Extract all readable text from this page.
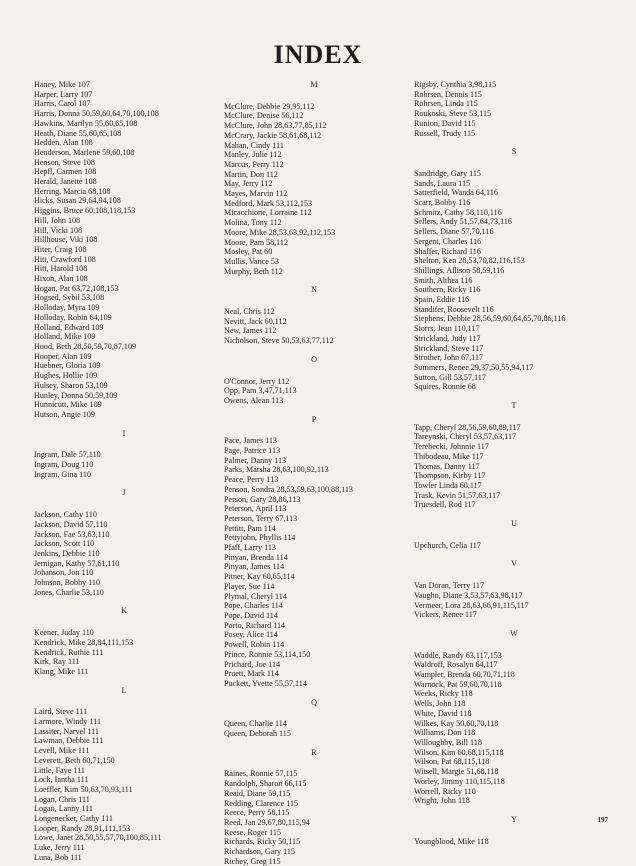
INDEX
Haney, Mike 107
Harper, Larry 107
Harris, Carol 107
Harris, Donna 50,59,60,64,70,100,108
Hawkins, Marilyn 55,60,65,108
Heath, Diane 55,60,65,108
Hedden, Alan 108
Henderson, Marlene 59,60,108
Henson, Steve 108
Hepfl, Carmen 108
Herald, Janette 108
Herring, Marcia 68,108
Hicks, Susan 29,64,94,108
Higgins, Bruce 60,108,118,153
Hill, John 108
Hill, Vicki 108
Hillhouse, Viki 108
Hiter, Craig 108
Hitt, Crawford 108
Hitt, Harold 108
Hixon, Alan 108
Hogan, Pat 63,72,108,153
Hogsed, Sybil 53,108
Holloday, Myra 109
Holloday, Robin 64,109
Holland, Edward 109
Holland, Mike 109
Hood, Beth 28,50,59,70,87,109
Hooper, Alan 109
Huebner, Gloria 109
Hughes, Hollie 109
Hulsey, Sharon 53,109
Hunley, Donna 50,59,109
Hunnicutt, Mike 109
Hutson, Angie 109
I
Ingram, Dale 57,110
Ingram, Doug 110
Ingram, Gina 110
J
Jackson, Cathy 110
Jackson, David 57,110
Jackson, Fae 53,63,110
Jackson, Scott 110
Jenkins, Debbie 110
Jernigan, Kathy 57,61,110
Johanson, Jon 110
Johnson, Bobby 110
Jones, Charlie 53,110
K
Keener, Juday 110
Kendrick, Mike 28,84,111,153
Kendrick, Ruthie 111
Kirk, Ray 111
Klang, Mike 111
L
Laird, Steve 111
Larmore, Windy 111
Lassiter, Narvel 111
Lawman, Debbie 111
Levell, Mike 111
Leverett, Beth 60,71,150
Little, Faye 111
Lock, Iantha 111
Loeffler, Kim 50,63,70,93,111
Logan, Chris 111
Logan, Lanny 111
Longenecker, Cathy 111
Looper, Randy 28,91,111,153
Lowe, Janet 28,50,55,57,70,100,85,111
Luke, Jerry 111
Luna, Bob 111
M
McClure, Debbie 29,95,112
McClure, Denise 56,112
McClure, John 28,63,77,85,112
McCrary, Jackie 58,61,68,112
Mahan, Cindy 111
Manley, Julie 112
Marcus, Perry 112
Martin, Don 112
May, Jerry 112
Mayes, Marvin 112
Medford, Mark 53,112,153
Micacchione, Lorraine 112
Molina, Tony 112
Moore, Mike 28,53,63,92,112,153
Moore, Pam 58,112
Mosley, Pat 60
Mullis, Vance 53
Murphy, Beth 112
N
Neal, Chris 112
Nevitt, Jack 60,112
New, James 112
Nicholson, Steve 50,53,63,77,112
O
O'Connor, Jerry 112
Opp, Pam 3,47,71,113
Owens, Alean 113
P
Pace, James 113
Page, Patrice 113
Palmer, Danny 113
Parks, Marsha 28,63,100,92,113
Peace, Perry 113
Penson, Sondra 28,53,59,63,100,88,113
Person, Gary 28,86,113
Peterson, April 113
Peterson, Terry 67,113
Pettitt, Pam 114
Pettyjohn, Phyllis 114
Pfaff, Larry 113
Pinyan, Brenda 114
Pinyan, James 114
Pitner, Kay 60,65,114
Player, Sue 114
Plymal, Cheryl 114
Pope, Charles 114
Pope, David 114
Porto, Richard 114
Posey, Alice 114
Powell, Robin 114
Prince, Ronnie 53,114,150
Prichard, Joe 114
Pruett, Mark 114
Puckett, Yvette 55,57,114
Q
Queen, Charlie 114
Queen, Deborah 115
R
Raines, Ronnie 57,115
Randolph, Sharon 66,115
Reaid, Diane 59,115
Redding, Clarence 115
Reece, Perry 58,115
Reed, Jan 29,67,80,115,94
Reese, Roger 115
Richards, Ricky 50,115
Richardson, Gary 115
Richey, Greg 115
Rigsby, Cynthia 3,98,115
Rohrsen, Dennis 115
Rohrsen, Linda 115
Roukoski, Steve 53,115
Runion, David 115
Russell, Trudy 115
S
Sandridge, Gary 115
Sands, Laura 115
Satterfield, Wanda 64,116
Scarr, Bobby 116
Schmitz, Cathy 58,110,116
Sellers, Andy 51,57,64,73,116
Sellers, Diane 57,70,116
Sergent, Charles 116
Shaffer, Richard 116
Shelton, Ken 28,53,70,82,116,153
Shillings, Allison 58,59,116
Smith, Althea 116
Southern, Ricky 116
Spain, Eddie 116
Standifer, Roosevelt 116
Stephens, Debbie 28,56,59,60,64,65,70,86,116
Storrs, Jean 110,117
Strickland, Judy 117
Strickland, Steve 117
Strother, John 67,117
Summers, Renee 29,37,50,55,94,117
Sutton, Gill 53,57,117
Squires, Ronnie 68
T
Tapp, Cheryl 28,56,59,60,89,117
Tareynski, Cheryl 53,57,63,117
Terebecki, Johnnie 117
Thibodeau, Mike 117
Thomas, Danny 117
Thompson, Kirby 117
Towler Linda 60,117
Trask, Kevin 51,57,63,117
Truesdell, Rod 117
U
Upchurch, Celia 117
V
Van Doran, Terry 117
Vaughn, Diane 3,53,57,63,98,117
Vermeer, Lora 28,63,66,91,115,117
Vickers, Renee 117
W
Waddle, Randy 63,117,153
Waldroff, Rosalyn 64,117
Wampler, Brenda 60,70,71,118
Warnock, Pat 59,60,70,118
Weeks, Ricky 118
Wells, John 118
White, David 118
Wilkes, Kay 50,60,70,118
Williams, Don 118
Willoughby, Bill 118
Wilson, Kim 60,68,115,118
Wilson, Pat 68,115,118
Witsell, Margie 51,68,118
Worley, Jimmy 110,115,118
Worrell, Ricky 110
Wright, John 118
Y
Youngblood, Mike 118
197
